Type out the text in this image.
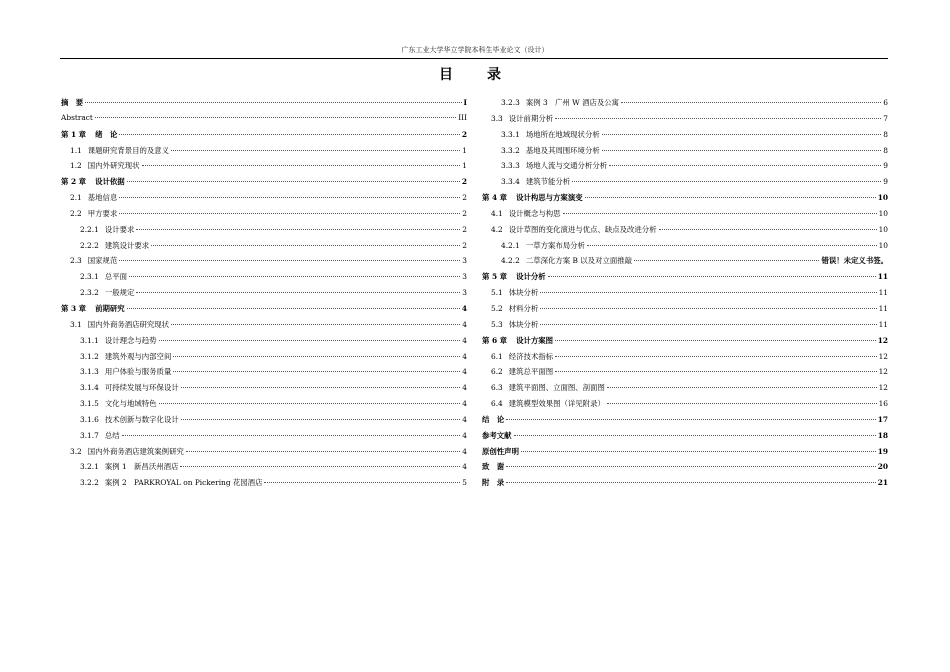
广东工业大学华立学院本科生毕业论文（设计）
目　录
摘　要	I
Abstract	III
第 1 章 绪　论	2
1.1 课题研究背景目的及意义	1
1.2 国内外研究现状	1
第 2 章 设计依据	2
2.1 基地信息	2
2.2 甲方要求	2
2.2.1 设计要求	2
2.2.2 建筑设计要求	2
2.3 国家规范	3
2.3.1 总平面	3
2.3.2 一般规定	3
第 3 章 前期研究	4
3.1 国内外商务酒店研究现状	4
3.1.1 设计理念与趋势	4
3.1.2 建筑外观与内部空间	4
3.1.3 用户体验与服务质量	4
3.1.4 可持续发展与环保设计	4
3.1.5 文化与地域特色	4
3.1.6 技术创新与数字化设计	4
3.1.7 总结	4
3.2 国内外商务酒店建筑案例研究	4
3.2.1 案例 1　新昌沃州酒店	4
3.2.2 案例 2　PARKROYAL on Pickering 花园酒店	5
3.2.3 案例 3　广州 W 酒店及公寓	6
3.3 设计前期分析	7
3.3.1 场地所在地域现状分析	8
3.3.2 基地及其周围环境分析	8
3.3.3 场地人流与交通分析分析	9
3.3.4 建筑节能分析	9
第 4 章 设计构思与方案演变	10
4.1 设计概念与构思	10
4.2 设计草图的变化演进与优点、缺点及改进分析	10
4.2.1 一草方案布局分析	10
4.2.2 二草深化方案 B 以及对立面推敲	错误！未定义书签。
第 5 章 设计分析	11
5.1 体块分析	11
5.2 材料分析	11
5.3 体块分析	11
第 6 章 设计方案图	12
6.1 经济技术指标	12
6.2 建筑总平面图	12
6.3 建筑平面图、立面图、剖面图	12
6.4 建筑模型效果图（详见附录）	16
结　论	17
参考文献	18
原创性声明	19
致　谢	20
附　录	21
